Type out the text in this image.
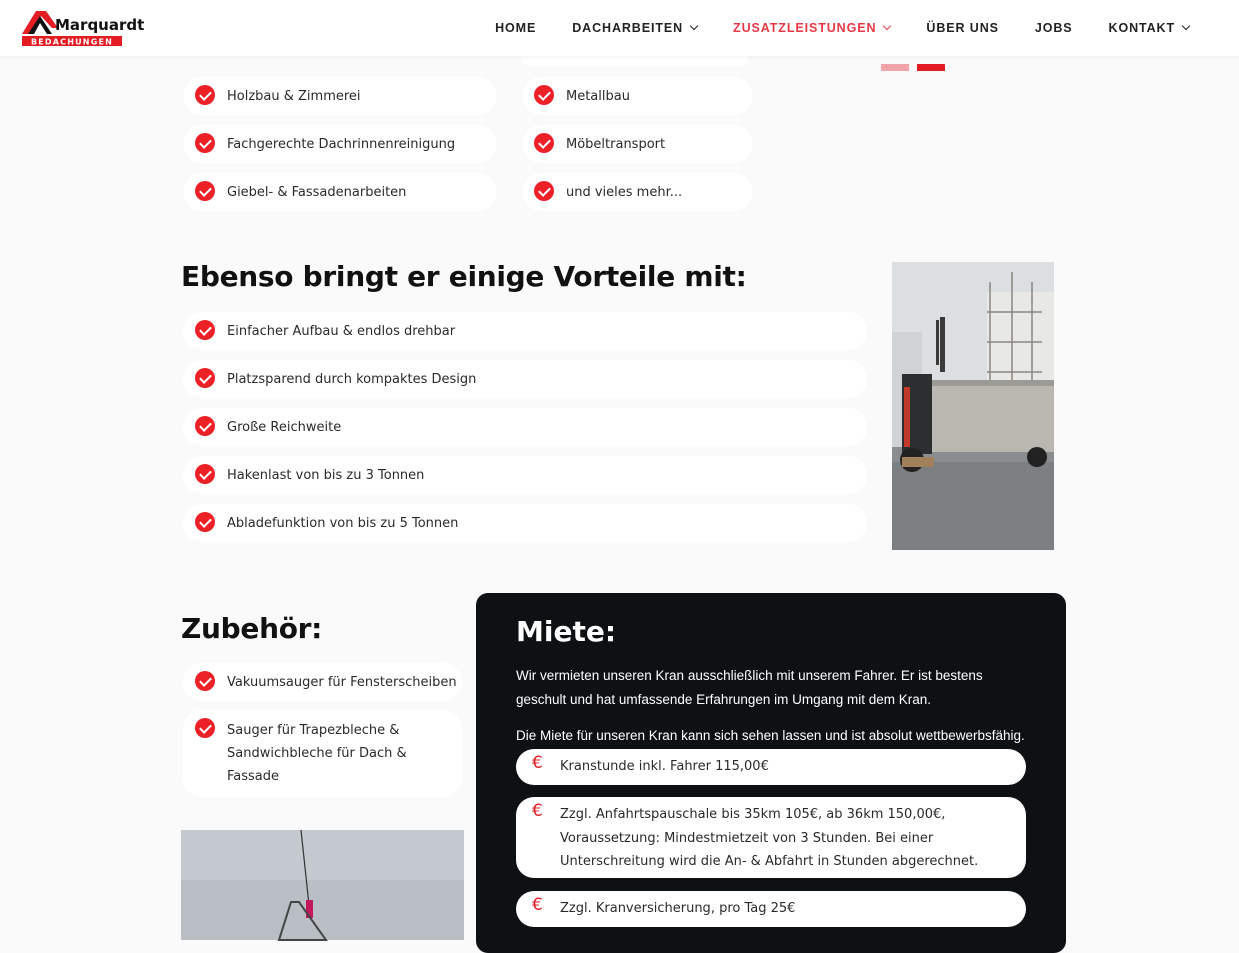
Marquardt
BEDACHUNGEN
HOME	DACHARBEITEN	ZUSATZLEISTUNGEN	ÜBER UNS	JOBS	KONTAKT
Holzbau & Zimmerei
Fachgerechte Dachrinnenreinigung
Giebel- & Fassadenarbeiten
Metallbau
Möbeltransport
und vieles mehr...
Ebenso bringt er einige Vorteile mit:
Einfacher Aufbau & endlos drehbar
Platzsparend durch kompaktes Design
Große Reichweite
Hakenlast von bis zu 3 Tonnen
Abladefunktion von bis zu 5 Tonnen
Zubehör:
Vakuumsauger für Fensterscheiben
Sauger für Trapezbleche & Sandwichbleche für Dach & Fassade
Miete:
Wir vermieten unseren Kran ausschließlich mit unserem Fahrer. Er ist bestens geschult und hat umfassende Erfahrungen im Umgang mit dem Kran.
Die Miete für unseren Kran kann sich sehen lassen und ist absolut wettbewerbsfähig.
€ Kranstunde inkl. Fahrer 115,00€
€ Zzgl. Anfahrtspauschale bis 35km 105€, ab 36km 150,00€, Voraussetzung: Mindestmietzeit von 3 Stunden. Bei einer Unterschreitung wird die An- & Abfahrt in Stunden abgerechnet.
€ Zzgl. Kranversicherung, pro Tag 25€
